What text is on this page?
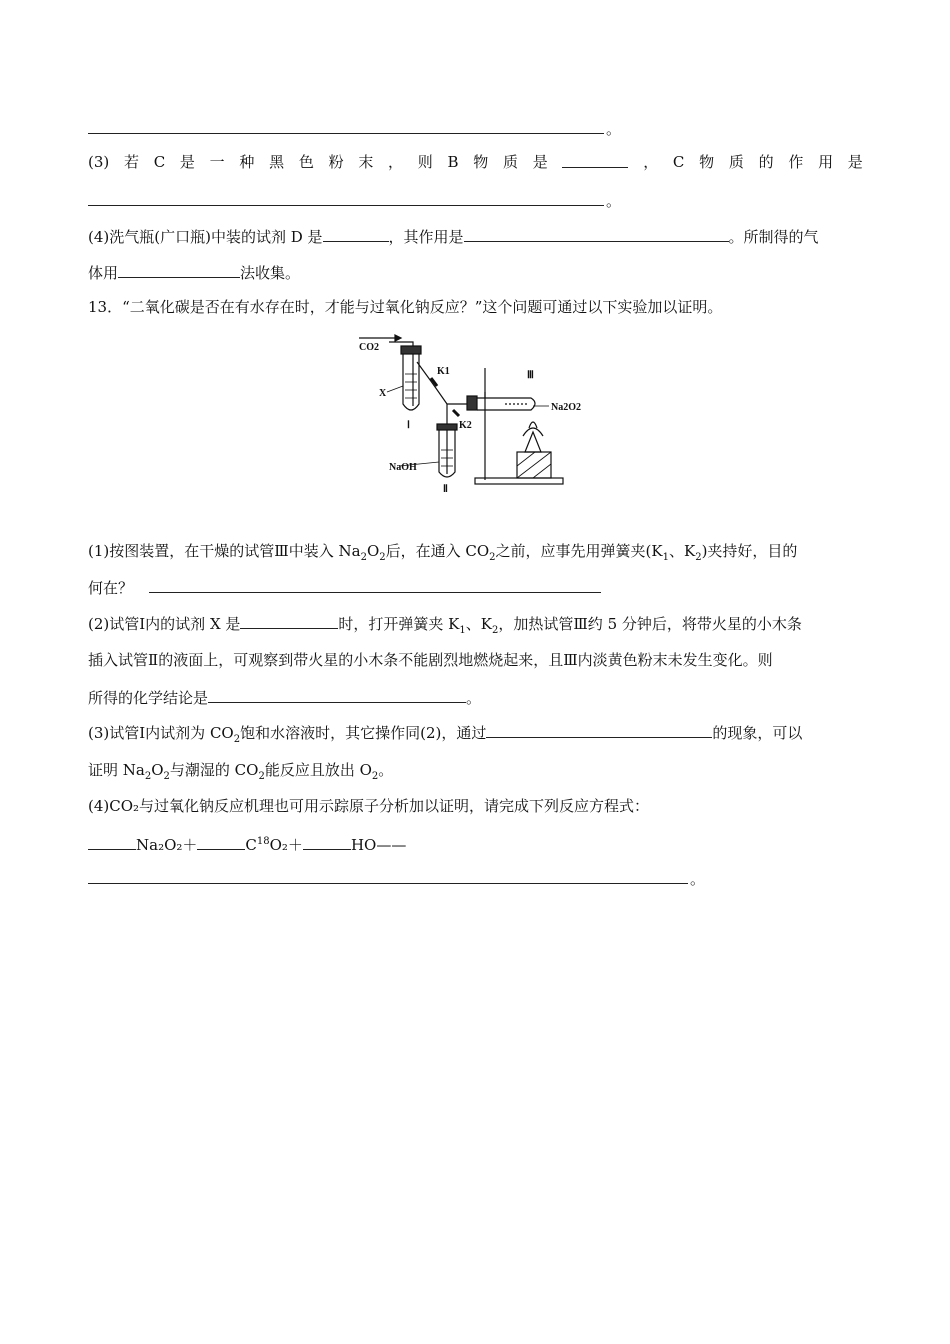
。
(3) 若 C 是 一 种 黑 色 粉 末 ， 则 B 物 质 是	， C 物 质 的 作 用 是
。
(4)洗气瓶(广口瓶)中装的试剂 D 是	，其作用是	。所制得的气
体用	法收集。
13．“二氧化碳是否在有水存在时，才能与过氧化钠反应？”这个问题可通过以下实验加以证明。
CO2
K1
K2
X
Ⅰ
NaOH
Ⅱ
Ⅲ
Na2O2
(1)按图装置，在干燥的试管Ⅲ中装入 $Na_2O_2$后，在通入 $CO_2$之前，应事先用弹簧夹($K_1$、$K_2$)夹持好，目的
何在？
(2)试管Ⅰ内的试剂 X 是	时，打开弹簧夹 $K_1$、$K_2$，加热试管Ⅲ约 5 分钟后，将带火星的小木条
插入试管Ⅱ的液面上，可观察到带火星的小木条不能剧烈地燃烧起来，且Ⅲ内淡黄色粉末未发生变化。则
所得的化学结论是	。
(3)试管Ⅰ内试剂为 $CO_2$饱和水溶液时，其它操作同(2)，通过	的现象，可以
证明 $Na_2O_2$与潮湿的 $CO_2$能反应且放出 $O_2$。
(4)CO₂与过氧化钠反应机理也可用示踪原子分析加以证明，请完成下列反应方程式：
Na₂O₂＋	$C^{18}O_2+$	HO——
。
